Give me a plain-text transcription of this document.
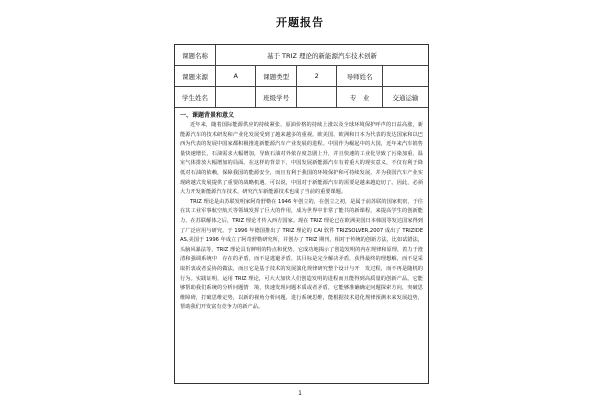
开题报告
课题名称	基于 TRIZ 理论的新能源汽车技术创新				
课题来源	A	课题类型	2	导师姓名	
学生姓名		班级学号		专　业	交通运输
一、课题背景和意义

近年来，随着国际能源供应的持续紧张、原油价格的持续上涨以及全球环境保护呼声的日益高涨，新能源汽车的技术研发和产业化发展受到了越来越多的重视。欧美国、欧洲和日本为代表的发达国家和以巴西为代表的发展中国家都积极推进新能源汽车产业发展的进程。中国作为崛起中的大国，近年来汽车销售量快速增长，石油需求大幅增加，导致石油对外依存度急剧上升，并且快速的工业化导致了污染加重、温室气体排放大幅增加的局面。在这样的背景下，中国发展新能源汽车有着重大的现实意义，不仅有利于降低对石油的依赖，保障我国的能源安全，而且有利于我国的环境保护和可持续发展，并为我国汽车产业实现跨越式发展提供了重要的战略机遇。可以说，中国对于新能源汽车的需要是越来越迫切了。因此，必须大力开发新能源汽车技术，研究汽车新能源技术也成了当前的重要课题。

TRIZ 理论是由苏联发明家阿奇舒勒在 1946 年创立的，在创立之初，是属于前苏联的国家机密，于往在其工业军事航空航天等领域发挥了巨大的作用，成为世界中非常了能共的新课程，来提高学生的创新能力，在苏联解体之后，TRIZ 理论才传入西方国家。现在 TRIZ 理论已在欧洲美国日本韩国等发达国家得到了广泛应用与研究。于 1996 年德国推出了 TRIZ 理论的 CAI 软件 TRIZSOLVER,2007 成出了 TRIZIDEAS,美国于 1996 年成立了阿奇舒勒研究所，并创办了 TRIZ 期刊，相对于传统的创新方法，比如试错法，头脑风暴法等，TRIZ 理论具有鲜明的特点和优势。它成功地揭示了创造发明的内在规律和原理，着力于澄清和强调系统中　存在的矛盾，而不是逃避矛盾，其目标是完全解决矛盾，获得最终的理想解，而不是采取折衷或者妥协的做法，而且它是基于技术的发展演化规律研究整个设计与开　发过程，而不再是随机的行为。实践证明，运用 TRIZ 理论，可大大加快人们创造发明的进程而且能得到高质量的创新产品。它能够帮助我们系统的分析问题情　境，快速发现问题本质或者矛盾，它能够准确确定问题探索方向，突破思维障碍，打破思维定势，以新的视角分析问题，进行系统思维，能根据技术进化规律预测未来发展趋势，帮助我们开发富有竞争力的新产品。

1
